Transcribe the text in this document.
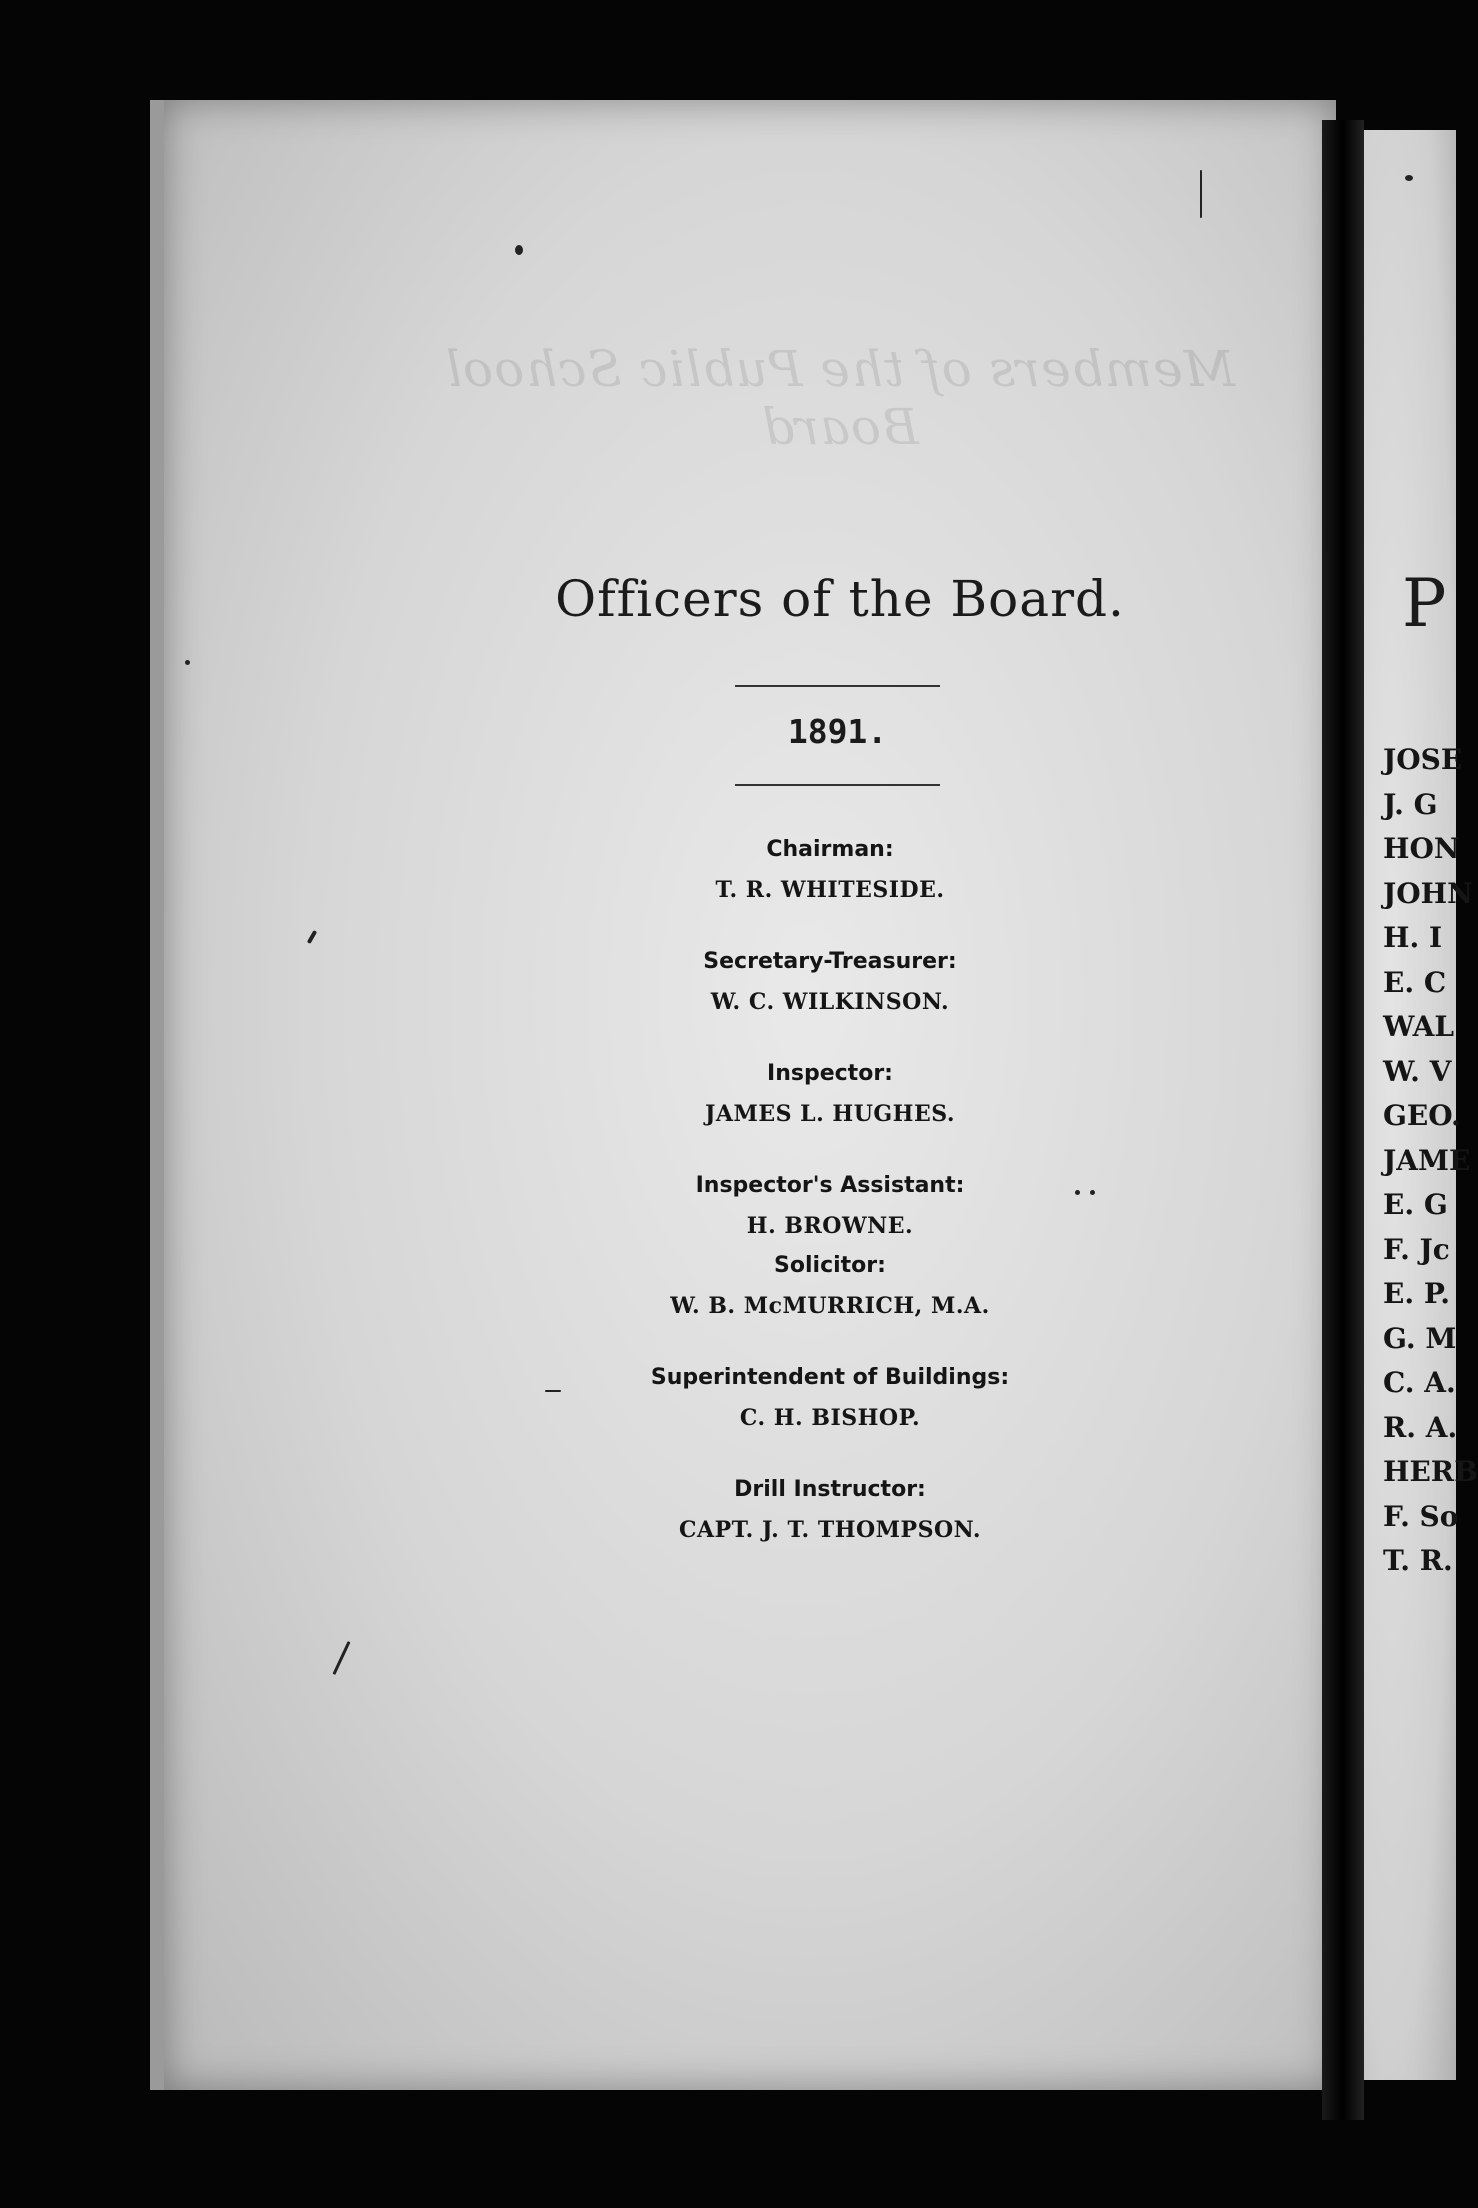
Members of the Public School Board
Officers of the Board.
1891.
Chairman:
T. R. WHITESIDE.
Secretary-Treasurer:
W. C. WILKINSON.
Inspector:
JAMES L. HUGHES.
Inspector's Assistant:
H. BROWNE.
Solicitor:
W. B. McMURRICH, M.A.
Superintendent of Buildings:
C. H. BISHOP.
Drill Instructor:
CAPT. J. T. THOMPSON.
P
JOSE
J. G
HON
JOHN
H. I
E. C
WAL
W. V
GEO.
JAME
E. G
F. Jc
E. P.
G. M
C. A.
R. A.
HERB
F. So
T. R.
